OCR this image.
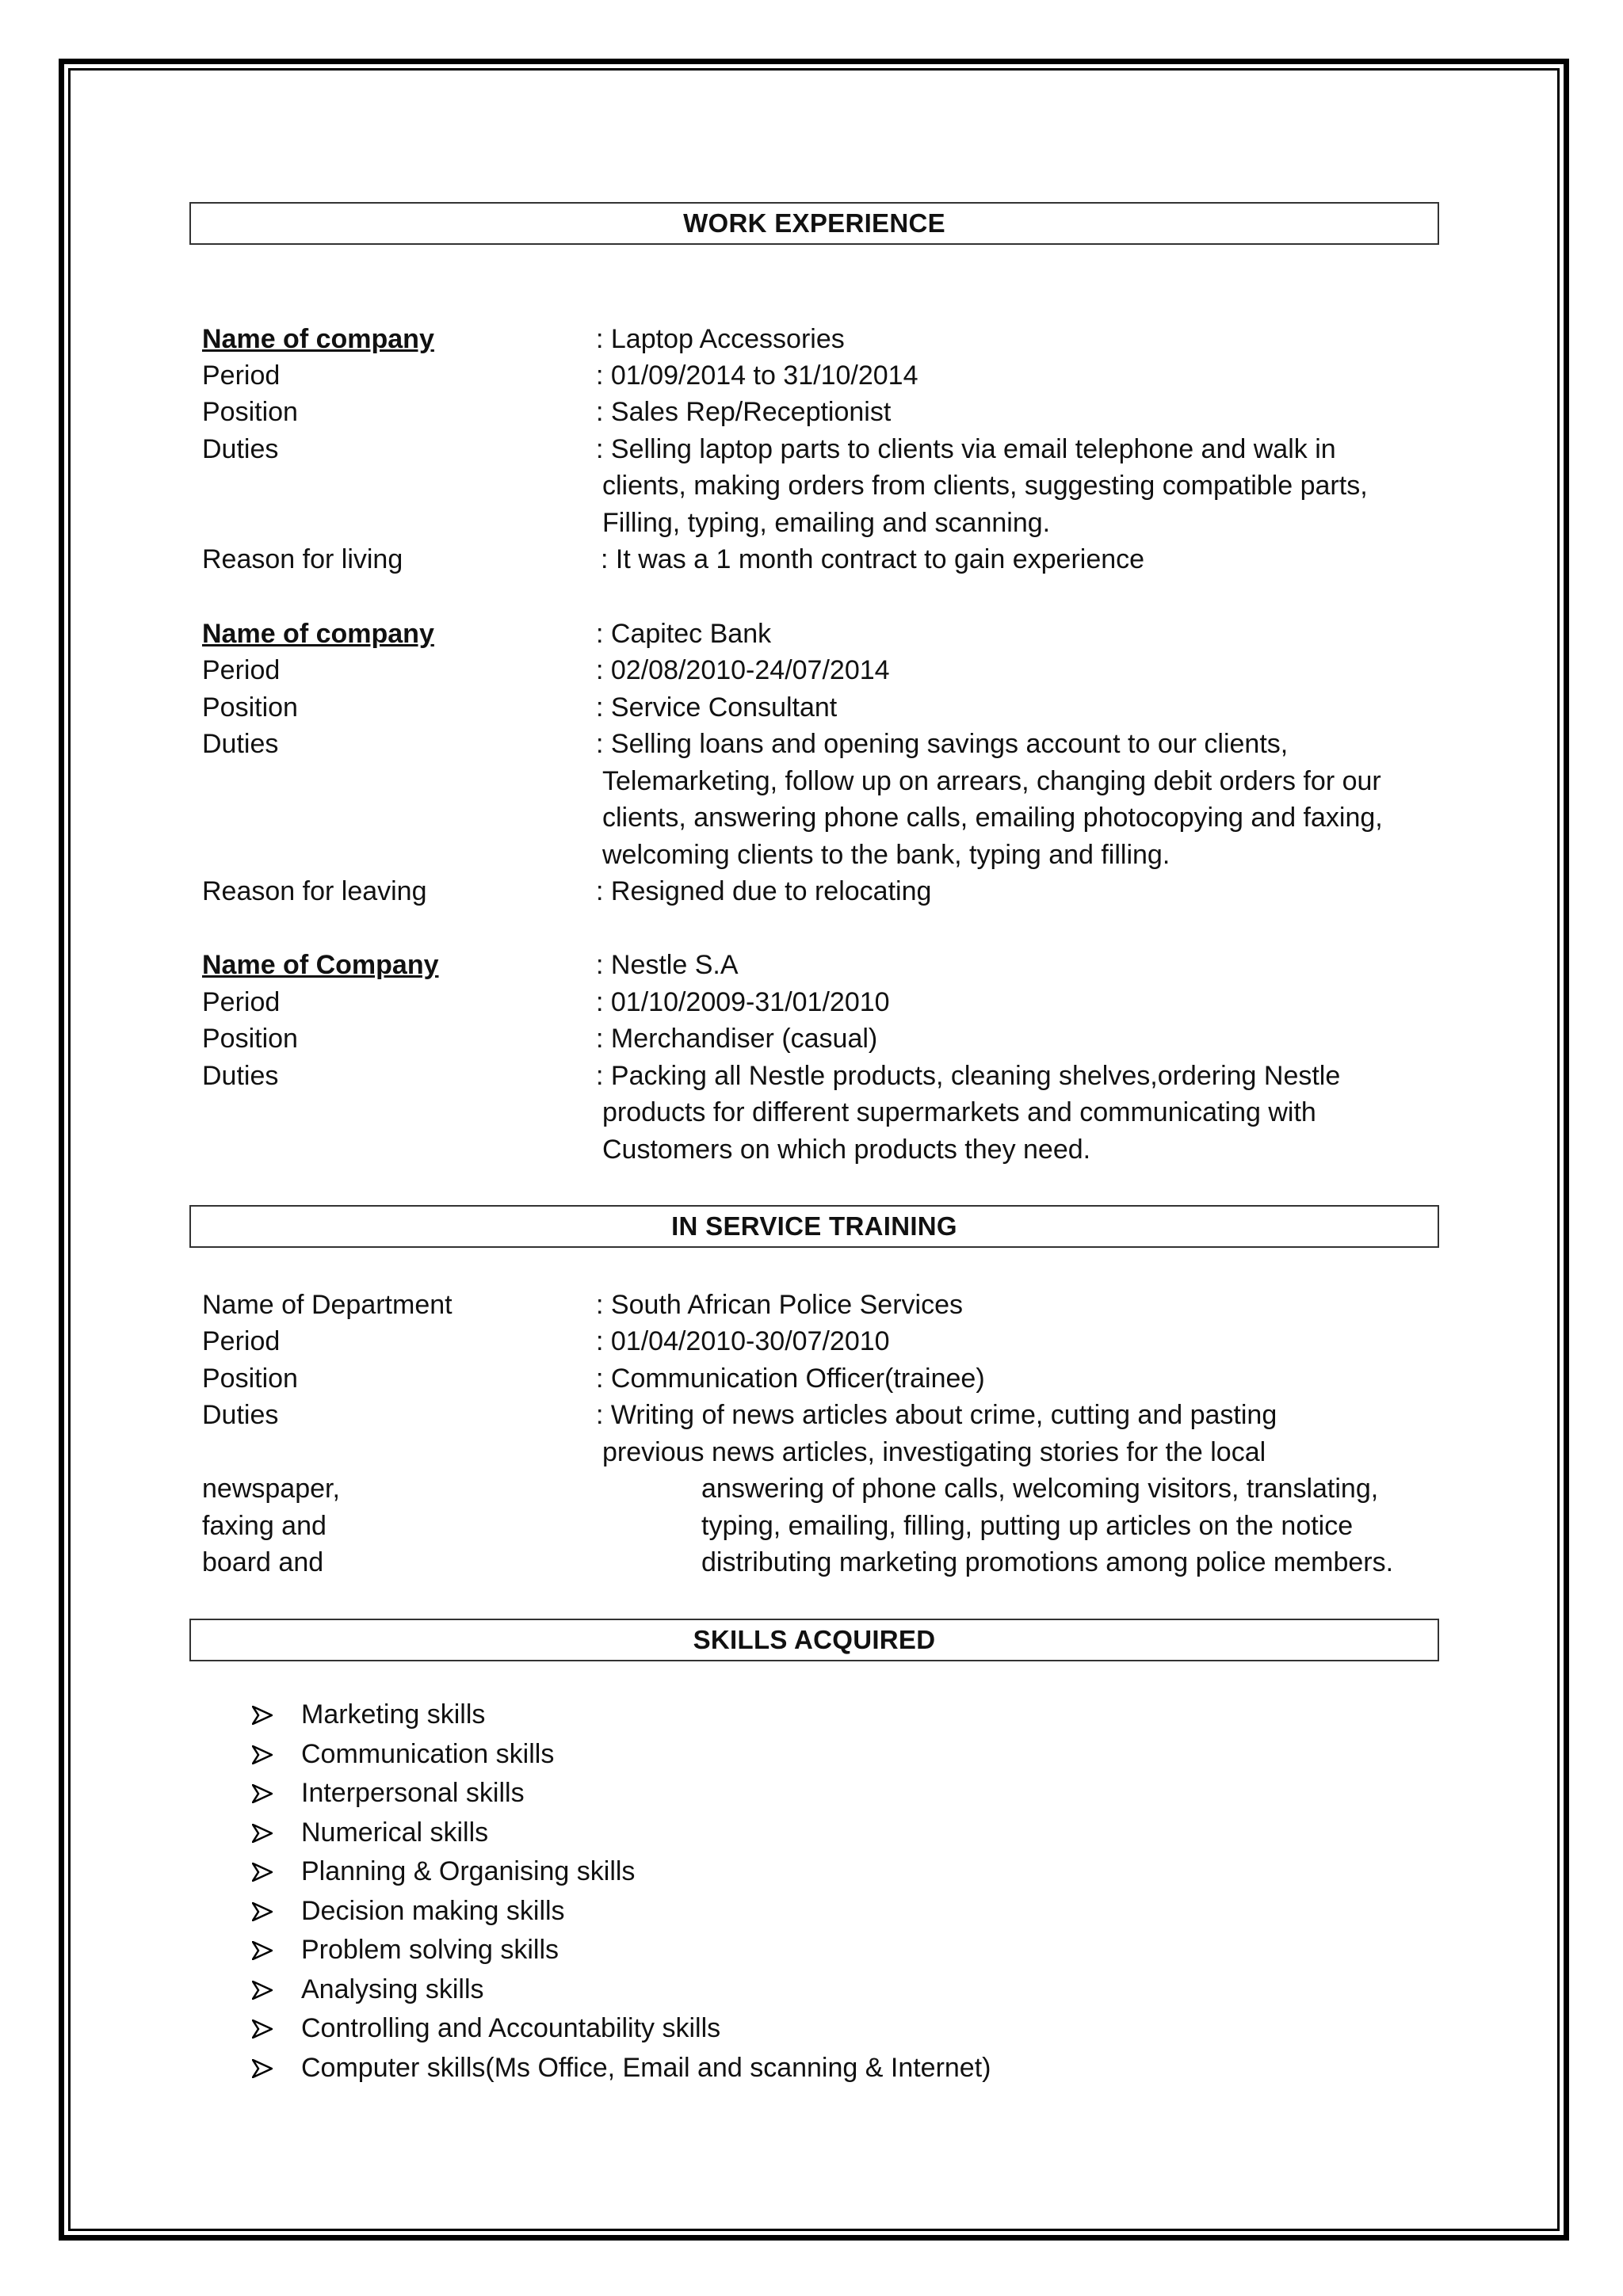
WORK EXPERIENCE
Name of company	: Laptop Accessories
Period	: 01/09/2014 to 31/10/2014
Position	: Sales Rep/Receptionist
Duties	: Selling laptop parts to clients via email telephone and walk in
clients, making orders from clients, suggesting compatible parts,
Filling, typing, emailing and scanning.
Reason for living	: It was a 1 month contract to gain experience
Name of company	: Capitec Bank
Period	: 02/08/2010-24/07/2014
Position	: Service Consultant
Duties	: Selling loans and opening savings account to our clients,
Telemarketing, follow up on arrears, changing debit orders for our
clients, answering phone calls, emailing photocopying and faxing,
welcoming clients to the bank, typing and filling.
Reason for leaving	: Resigned due to relocating
Name of Company	: Nestle S.A
Period	: 01/10/2009-31/01/2010
Position	: Merchandiser (casual)
Duties	: Packing all Nestle products, cleaning shelves,ordering Nestle
products for different supermarkets and communicating with
Customers on which products they need.
IN SERVICE TRAINING
Name of Department	: South African Police Services
Period	: 01/04/2010-30/07/2010
Position	: Communication Officer(trainee)
Duties	: Writing of news articles about crime, cutting and pasting
previous news articles, investigating stories for the local
newspaper,	answering of phone calls, welcoming visitors, translating,
faxing and	typing, emailing, filling, putting up articles on the notice
board and	distributing marketing promotions among police members.
SKILLS ACQUIRED
Marketing skills
Communication skills
Interpersonal skills
Numerical skills
Planning & Organising skills
Decision making skills
Problem solving skills
Analysing skills
Controlling and Accountability skills
Computer skills(Ms Office, Email and scanning & Internet)
